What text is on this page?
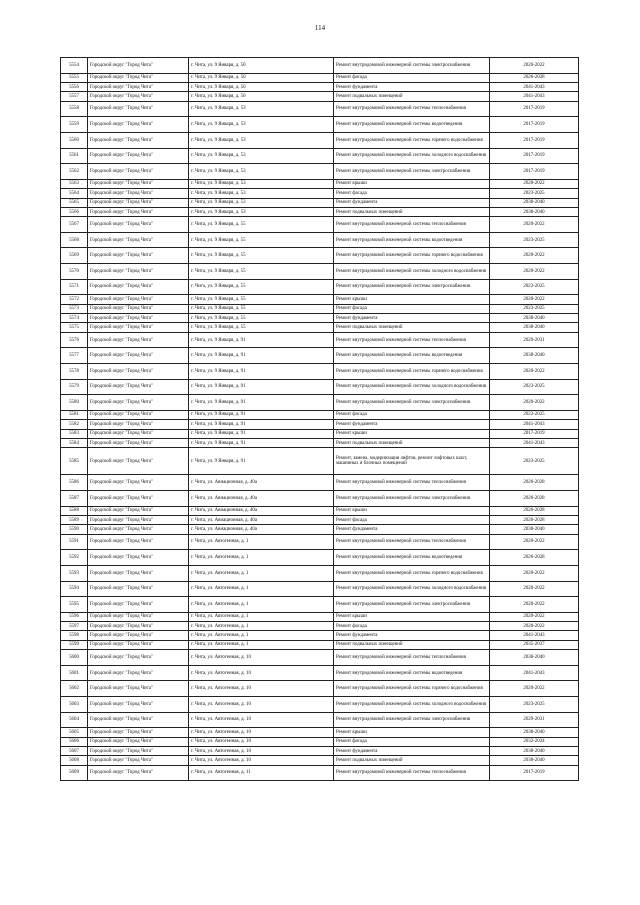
114
5554	Городской округ "Город Чита"	г. Чита, ул. 9 Января, д. 50	Ремонт внутридомовой инженерной системы электроснабжения	2020-2022
5555	Городской округ "Город Чита"	г. Чита, ул. 9 Января, д. 50	Ремонт фасада	2026-2028
5556	Городской округ "Город Чита"	г. Чита, ул. 9 Января, д. 50	Ремонт фундамента	2041-2043
5557	Городской округ "Город Чита"	г. Чита, ул. 9 Января, д. 50	Ремонт подвальных помещений	2041-2043
5558	Городской округ "Город Чита"	г. Чита, ул. 9 Января, д. 53	Ремонт внутридомовой инженерной системы теплоснабжения	2017-2019
5559	Городской округ "Город Чита"	г. Чита, ул. 9 Января, д. 53	Ремонт внутридомовой инженерной системы водоотведения	2017-2019
5560	Городской округ "Город Чита"	г. Чита, ул. 9 Января, д. 53	Ремонт внутридомовой инженерной системы горячего водоснабжения	2017-2019
5561	Городской округ "Город Чита"	г. Чита, ул. 9 Января, д. 53	Ремонт внутридомовой инженерной системы холодного водоснабжения	2017-2019
5562	Городской округ "Город Чита"	г. Чита, ул. 9 Января, д. 53	Ремонт внутридомовой инженерной системы электроснабжения	2017-2019
5563	Городской округ "Город Чита"	г. Чита, ул. 9 Января, д. 53	Ремонт крыши	2020-2022
5564	Городской округ "Город Чита"	г. Чита, ул. 9 Января, д. 53	Ремонт фасада	2023-2025
5565	Городской округ "Город Чита"	г. Чита, ул. 9 Января, д. 53	Ремонт фундамента	2038-2040
5566	Городской округ "Город Чита"	г. Чита, ул. 9 Января, д. 53	Ремонт подвальных помещений	2038-2040
5567	Городской округ "Город Чита"	г. Чита, ул. 9 Января, д. 55	Ремонт внутридомовой инженерной системы теплоснабжения	2020-2022
5568	Городской округ "Город Чита"	г. Чита, ул. 9 Января, д. 55	Ремонт внутридомовой инженерной системы водоотведения	2023-2025
5569	Городской округ "Город Чита"	г. Чита, ул. 9 Января, д. 55	Ремонт внутридомовой инженерной системы горячего водоснабжения	2020-2022
5570	Городской округ "Город Чита"	г. Чита, ул. 9 Января, д. 55	Ремонт внутридомовой инженерной системы холодного водоснабжения	2020-2022
5571	Городской округ "Город Чита"	г. Чита, ул. 9 Января, д. 55	Ремонт внутридомовой инженерной системы электроснабжения	2023-2025
5572	Городской округ "Город Чита"	г. Чита, ул. 9 Января, д. 55	Ремонт крыши	2020-2022
5573	Городской округ "Город Чита"	г. Чита, ул. 9 Января, д. 55	Ремонт фасада	2023-2025
5574	Городской округ "Город Чита"	г. Чита, ул. 9 Января, д. 55	Ремонт фундамента	2038-2040
5575	Городской округ "Город Чита"	г. Чита, ул. 9 Января, д. 55	Ремонт подвальных помещений	2038-2040
5576	Городской округ "Город Чита"	г. Чита, ул. 9 Января, д. 91	Ремонт внутридомовой инженерной системы теплоснабжения	2029-2031
5577	Городской округ "Город Чита"	г. Чита, ул. 9 Января, д. 91	Ремонт внутридомовой инженерной системы водоотведения	2038-2040
5578	Городской округ "Город Чита"	г. Чита, ул. 9 Января, д. 91	Ремонт внутридомовой инженерной системы горячего водоснабжения	2020-2022
5579	Городской округ "Город Чита"	г. Чита, ул. 9 Января, д. 91	Ремонт внутридомовой инженерной системы холодного водоснабжения	2023-2025
5580	Городской округ "Город Чита"	г. Чита, ул. 9 Января, д. 91	Ремонт внутридомовой инженерной системы электроснабжения	2020-2022
5581	Городской округ "Город Чита"	г. Чита, ул. 9 Января, д. 91	Ремонт фасада	2023-2025
5582	Городской округ "Город Чита"	г. Чита, ул. 9 Января, д. 91	Ремонт фундамента	2041-2043
5583	Городской округ "Город Чита"	г. Чита, ул. 9 Января, д. 91	Ремонт крыши	2017-2019
5584	Городской округ "Город Чита"	г. Чита, ул. 9 Января, д. 91	Ремонт подвальных помещений	2041-2043
5585	Городской округ "Город Чита"	г. Чита, ул. 9 Января, д. 91	Ремонт, замена, модернизация лифтов, ремонт лифтовых шахт, машинных и блочных помещений	2023-2025
5586	Городской округ "Город Чита"	г. Чита, ул. Авиационная, д. 40а	Ремонт внутридомовой инженерной системы теплоснабжения	2026-2028
5587	Городской округ "Город Чита"	г. Чита, ул. Авиационная, д. 40а	Ремонт внутридомовой инженерной системы электроснабжения	2026-2028
5588	Городской округ "Город Чита"	г. Чита, ул. Авиационная, д. 40а	Ремонт крыши	2026-2028
5589	Городской округ "Город Чита"	г. Чита, ул. Авиационная, д. 40а	Ремонт фасада	2026-2028
5590	Городской округ "Город Чита"	г. Чита, ул. Авиационная, д. 40а	Ремонт фундамента	2038-2040
5591	Городской округ "Город Чита"	г. Чита, ул. Автогенная, д. 1	Ремонт внутридомовой инженерной системы теплоснабжения	2020-2022
5592	Городской округ "Город Чита"	г. Чита, ул. Автогенная, д. 1	Ремонт внутридомовой инженерной системы водоотведения	2026-2028
5593	Городской округ "Город Чита"	г. Чита, ул. Автогенная, д. 1	Ремонт внутридомовой инженерной системы горячего водоснабжения	2020-2022
5594	Городской округ "Город Чита"	г. Чита, ул. Автогенная, д. 1	Ремонт внутридомовой инженерной системы холодного водоснабжения	2020-2022
5595	Городской округ "Город Чита"	г. Чита, ул. Автогенная, д. 1	Ремонт внутридомовой инженерной системы электроснабжения	2020-2022
5596	Городской округ "Город Чита"	г. Чита, ул. Автогенная, д. 1	Ремонт крыши	2020-2022
5597	Городской округ "Город Чита"	г. Чита, ул. Автогенная, д. 1	Ремонт фасада	2020-2022
5598	Городской округ "Город Чита"	г. Чита, ул. Автогенная, д. 1	Ремонт фундамента	2041-2043
5599	Городской округ "Город Чита"	г. Чита, ул. Автогенная, д. 1	Ремонт подвальных помещений	2035-2037
5600	Городской округ "Город Чита"	г. Чита, ул. Автогенная, д. 10	Ремонт внутридомовой инженерной системы теплоснабжения	2038-2040
5601	Городской округ "Город Чита"	г. Чита, ул. Автогенная, д. 10	Ремонт внутридомовой инженерной системы водоотведения	2041-2043
5602	Городской округ "Город Чита"	г. Чита, ул. Автогенная, д. 10	Ремонт внутридомовой инженерной системы горячего водоснабжения	2020-2022
5603	Городской округ "Город Чита"	г. Чита, ул. Автогенная, д. 10	Ремонт внутридомовой инженерной системы холодного водоснабжения	2023-2025
5604	Городской округ "Город Чита"	г. Чита, ул. Автогенная, д. 10	Ремонт внутридомовой инженерной системы электроснабжения	2029-2031
5605	Городской округ "Город Чита"	г. Чита, ул. Автогенная, д. 10	Ремонт крыши	2038-2040
5606	Городской округ "Город Чита"	г. Чита, ул. Автогенная, д. 10	Ремонт фасада	2032-2034
5607	Городской округ "Город Чита"	г. Чита, ул. Автогенная, д. 10	Ремонт фундамента	2038-2040
5608	Городской округ "Город Чита"	г. Чита, ул. Автогенная, д. 10	Ремонт подвальных помещений	2038-2040
5609	Городской округ "Город Чита"	г. Чита, ул. Автогенная, д. 11	Ремонт внутридомовой инженерной системы теплоснабжения	2017-2019
